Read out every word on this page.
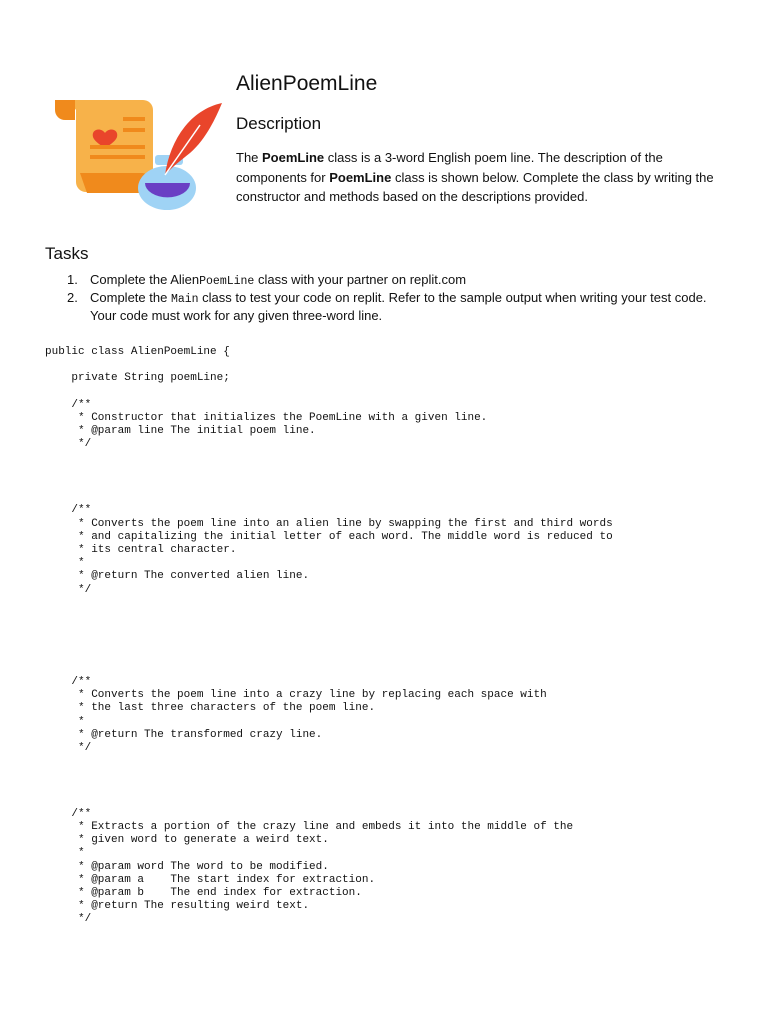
AlienPoemLine
Description

The PoemLine class is a 3-word English poem line. The description of the components for PoemLine class is shown below. Complete the class by writing the constructor and methods based on the descriptions provided.

Tasks
1. Complete the AlienPoemLine class with your partner on replit.com
2. Complete the Main class to test your code on replit. Refer to the sample output when writing your test code. Your code must work for any given three-word line.
public class AlienPoemLine {

private String poemLine;

/**
* Constructor that initializes the PoemLine with a given line.
* @param line The initial poem line.
*/

/**
* Converts the poem line into an alien line by swapping the first and third words
* and capitalizing the initial letter of each word. The middle word is reduced to
* its central character.
*
* @return The converted alien line.
*/

/**
* Converts the poem line into a crazy line by replacing each space with
* the last three characters of the poem line.
*
* @return The transformed crazy line.
*/

/**
* Extracts a portion of the crazy line and embeds it into the middle of the
* given word to generate a weird text.
*
* @param word The word to be modified.
* @param a    The start index for extraction.
* @param b    The end index for extraction.
* @return The resulting weird text.
*/
